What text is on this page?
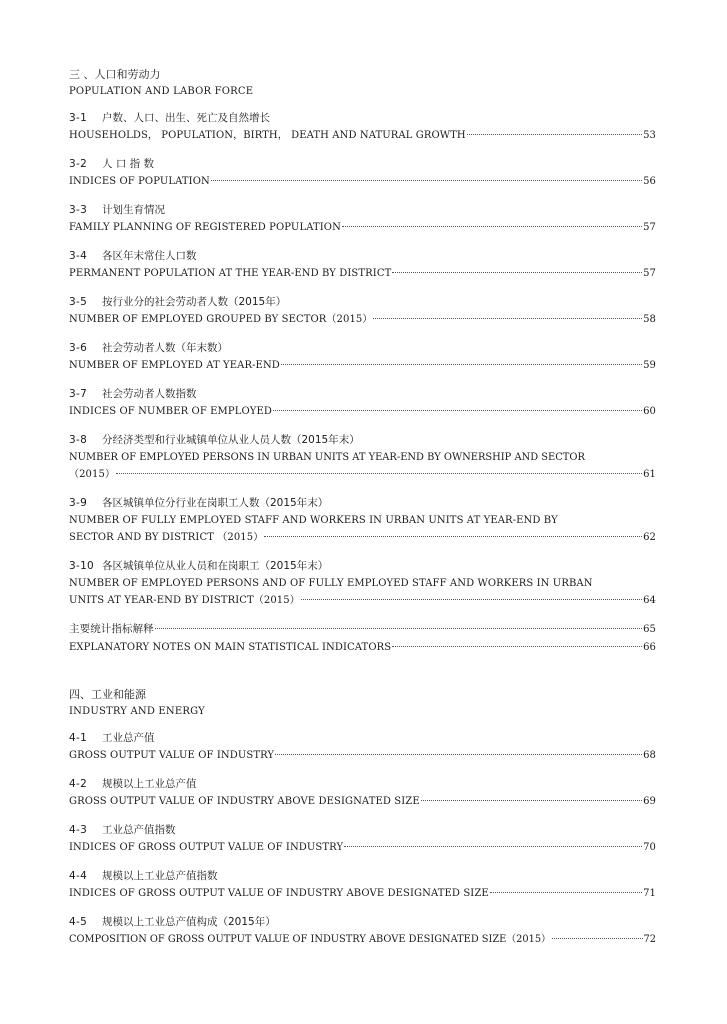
三 、人口和劳动力
POPULATION AND LABOR FORCE
3-1 户数、人口、出生、死亡及自然增长
HOUSEHOLDS， POPULATION，BIRTH， DEATH AND NATURAL GROWTH	53
3-2 人 口 指 数
INDICES OF POPULATION	56
3-3 计划生育情况
FAMILY PLANNING OF REGISTERED POPULATION	57
3-4 各区年末常住人口数
PERMANENT POPULATION AT THE YEAR-END BY DISTRICT	57
3-5 按行业分的社会劳动者人数（2015年）
NUMBER OF EMPLOYED GROUPED BY SECTOR（2015）	58
3-6 社会劳动者人数（年末数）
NUMBER OF EMPLOYED AT YEAR-END	59
3-7 社会劳动者人数指数
INDICES OF NUMBER OF EMPLOYED	60
3-8 分经济类型和行业城镇单位从业人员人数（2015年末）
NUMBER OF EMPLOYED PERSONS IN URBAN UNITS AT YEAR-END BY OWNERSHIP AND SECTOR
（2015）	61
3-9 各区城镇单位分行业在岗职工人数（2015年末）
NUMBER OF FULLY EMPLOYED STAFF AND WORKERS IN URBAN UNITS AT YEAR-END BY
SECTOR AND BY DISTRICT （2015）	62
3-10 各区城镇单位从业人员和在岗职工（2015年末）
NUMBER OF EMPLOYED PERSONS AND OF FULLY EMPLOYED STAFF AND WORKERS IN URBAN
UNITS AT YEAR-END BY DISTRICT（2015）	64
主要统计指标解释	65
EXPLANATORY NOTES ON MAIN STATISTICAL INDICATORS	66
四、工业和能源
INDUSTRY AND ENERGY
4-1 工业总产值
GROSS OUTPUT VALUE OF INDUSTRY	68
4-2 规模以上工业总产值
GROSS OUTPUT VALUE OF INDUSTRY ABOVE DESIGNATED SIZE	69
4-3 工业总产值指数
INDICES OF GROSS OUTPUT VALUE OF INDUSTRY	70
4-4 规模以上工业总产值指数
INDICES OF GROSS OUTPUT VALUE OF INDUSTRY ABOVE DESIGNATED SIZE	71
4-5 规模以上工业总产值构成（2015年）
COMPOSITION OF GROSS OUTPUT VALUE OF INDUSTRY ABOVE DESIGNATED SIZE（2015）	72
